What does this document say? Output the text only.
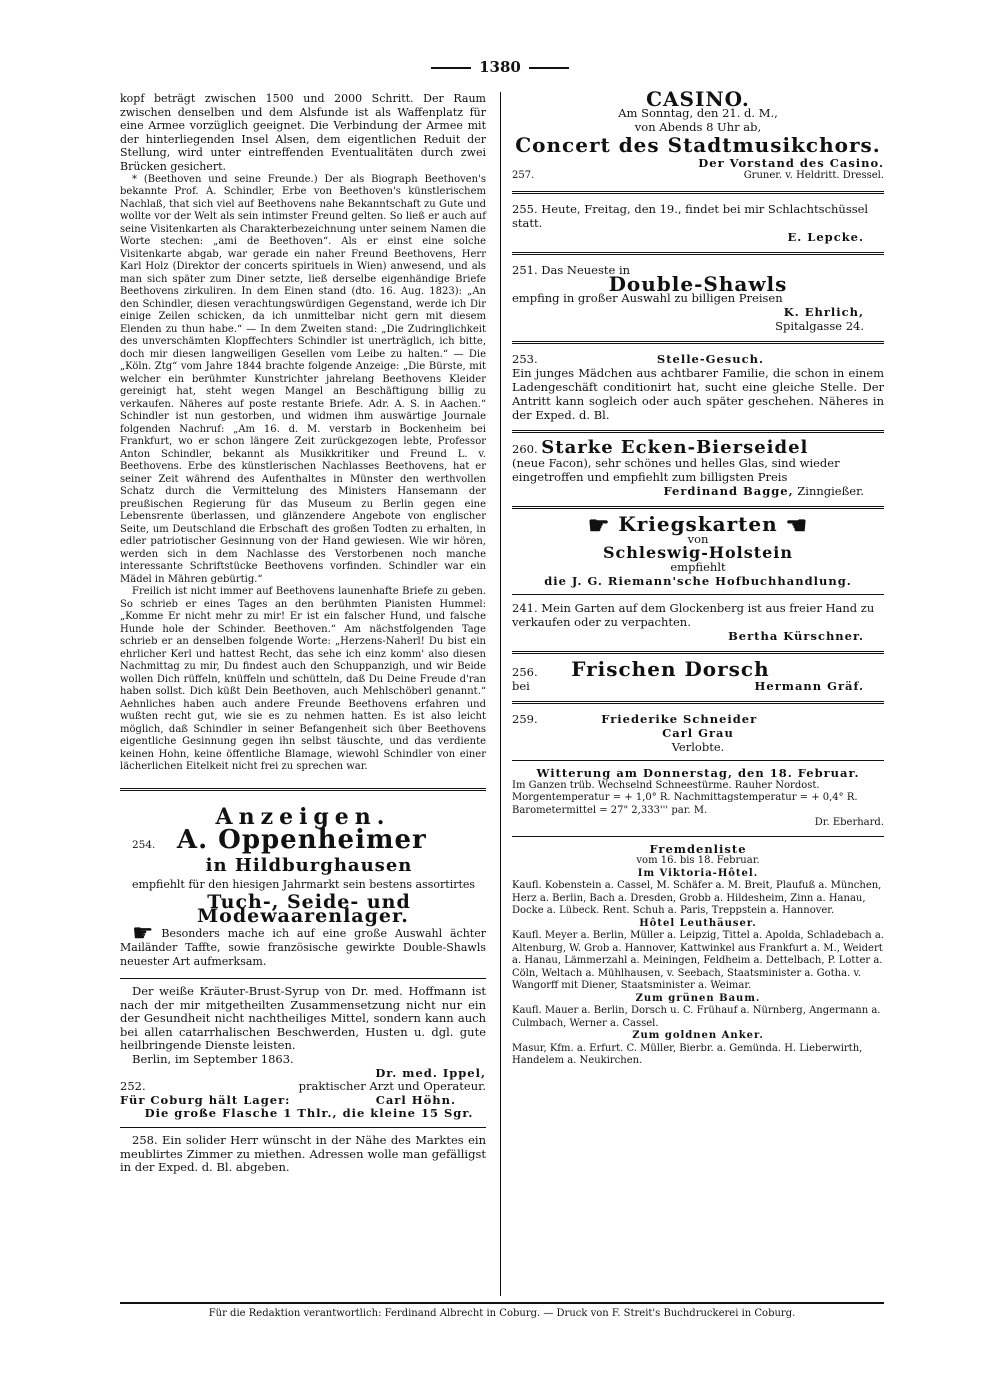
1380

kopf beträgt zwischen 1500 und 2000 Schritt. Der Raum zwischen denselben und dem Alsfunde ist als Waffenplatz für eine Armee vorzüglich geeignet. Die Verbindung der Armee mit der hinterliegenden Insel Alsen, dem eigentlichen Reduit der Stellung, wird unter eintreffenden Eventualitäten durch zwei Brücken gesichert.

* (Beethoven und seine Freunde.) Der als Biograph Beethoven's bekannte Prof. A. Schindler, Erbe von Beethoven's künstlerischem Nachlaß, that sich viel auf Beethovens nahe Bekanntschaft zu Gute und wollte vor der Welt als sein intimster Freund gelten. So ließ er auch auf seine Visitenkarten als Charakterbezeichnung unter seinem Namen die Worte stechen: „ami de Beethoven“. Als er einst eine solche Visitenkarte abgab, war gerade ein naher Freund Beethovens, Herr Karl Holz (Direktor der concerts spirituels in Wien) anwesend, und als man sich später zum Diner setzte, ließ derselbe eigenhändige Briefe Beethovens zirkuliren. In dem Einen stand (dto. 16. Aug. 1823): „An den Schindler, diesen verachtungswürdigen Gegenstand, werde ich Dir einige Zeilen schicken, da ich unmittelbar nicht gern mit diesem Elenden zu thun habe.“ — In dem Zweiten stand: „Die Zudringlichkeit des unverschämten Klopffechters Schindler ist unerträglich, ich bitte, doch mir diesen langweiligen Gesellen vom Leibe zu halten.“ — Die „Köln. Ztg“ vom Jahre 1844 brachte folgende Anzeige: „Die Bürste, mit welcher ein berühmter Kunstrichter jahrelang Beethovens Kleider gereinigt hat, steht wegen Mangel an Beschäftigung billig zu verkaufen. Näheres auf poste restante Briefe. Adr. A. S. in Aachen.“ Schindler ist nun gestorben, und widmen ihm auswärtige Journale folgenden Nachruf: „Am 16. d. M. verstarb in Bockenheim bei Frankfurt, wo er schon längere Zeit zurückgezogen lebte, Professor Anton Schindler, bekannt als Musikkritiker und Freund L. v. Beethovens. Erbe des künstlerischen Nachlasses Beethovens, hat er seiner Zeit während des Aufenthaltes in Münster den werthvollen Schatz durch die Vermittelung des Ministers Hansemann der preußischen Regierung für das Museum zu Berlin gegen eine Lebensrente überlassen, und glänzendere Angebote von englischer Seite, um Deutschland die Erbschaft des großen Todten zu erhalten, in edler patriotischer Gesinnung von der Hand gewiesen. Wie wir hören, werden sich in dem Nachlasse des Verstorbenen noch manche interessante Schriftstücke Beethovens vorfinden. Schindler war ein Mädel in Mähren gebürtig.“

Freilich ist nicht immer auf Beethovens launenhafte Briefe zu geben. So schrieb er eines Tages an den berühmten Pianisten Hummel: „Komme Er nicht mehr zu mir! Er ist ein falscher Hund, und falsche Hunde hole der Schinder. Beethoven.“ Am nächstfolgenden Tage schrieb er an denselben folgende Worte: „Herzens-Naherl! Du bist ein ehrlicher Kerl und hattest Recht, das sehe ich einz komm' also diesen Nachmittag zu mir, Du findest auch den Schuppanzigh, und wir Beide wollen Dich rüffeln, knüffeln und schütteln, daß Du Deine Freude d'ran haben sollst. Dich küßt Dein Beethoven, auch Mehlschöberl genannt.“ Aehnliches haben auch andere Freunde Beethovens erfahren und wußten recht gut, wie sie es zu nehmen hatten. Es ist also leicht möglich, daß Schindler in seiner Befangenheit sich über Beethovens eigentliche Gesinnung gegen ihn selbst täuschte, und das verdiente keinen Hohn, keine öffentliche Blamage, wiewohl Schindler von einer lächerlichen Eitelkeit nicht frei zu sprechen war.

Anzeigen.

254. A. Oppenheimer

in Hildburghausen

empfiehlt für den hiesigen Jahrmarkt sein bestens assortirtes

Tuch-, Seide- und Modewaarenlager.

☛ Besonders mache ich auf eine große Auswahl ächter Mailänder Taffte, sowie französische gewirkte Double-Shawls neuester Art aufmerksam.

Der weiße Kräuter-Brust-Syrup von Dr. med. Hoffmann ist nach der mir mitgetheilten Zusammensetzung nicht nur ein der Gesundheit nicht nachtheiliges Mittel, sondern kann auch bei allen catarrhalischen Beschwerden, Husten u. dgl. gute heilbringende Dienste leisten.

Berlin, im September 1863.

Dr. med. Ippel,

252.	praktischer Arzt und Operateur.
Für Coburg hält Lager:	Carl Höhn.

Die große Flasche 1 Thlr., die kleine 15 Sgr.

258. Ein solider Herr wünscht in der Nähe des Marktes ein meublirtes Zimmer zu miethen. Adressen wolle man gefälligst in der Exped. d. Bl. abgeben.

CASINO.

Am Sonntag, den 21. d. M.,

von Abends 8 Uhr ab,

Concert des Stadtmusikchors.

Der Vorstand des Casino.

257.	Gruner. v. Heldritt. Dressel.

255. Heute, Freitag, den 19., findet bei mir Schlachtschüssel statt.

E. Lepcke.

251. Das Neueste in

Double-Shawls

empfing in großer Auswahl zu billigen Preisen

K. Ehrlich,

Spitalgasse 24.

253.	Stelle-Gesuch.

Ein junges Mädchen aus achtbarer Familie, die schon in einem Ladengeschäft conditionirt hat, sucht eine gleiche Stelle. Der Antritt kann sogleich oder auch später geschehen. Näheres in der Exped. d. Bl.

260. Starke Ecken-Bierseidel

(neue Facon), sehr schönes und helles Glas, sind wieder eingetroffen und empfiehlt zum billigsten Preis

Ferdinand Bagge, Zinngießer.

☛ Kriegskarten ☚

von

Schleswig-Holstein

empfiehlt

die J. G. Riemann'sche Hofbuchhandlung.

241. Mein Garten auf dem Glockenberg ist aus freier Hand zu verkaufen oder zu verpachten.

Bertha Kürschner.

256. Frischen Dorsch

bei	Hermann Gräf.

259.	Friederike Schneider

Carl Grau

Verlobte.

Witterung am Donnerstag, den 18. Februar.

Im Ganzen trüb. Wechselnd Schneestürme. Rauher Nordost. Morgentemperatur = + 1,0° R. Nachmittagstemperatur = + 0,4° R. Barometermittel = 27" 2,333''' par. M.

Dr. Eberhard.

Fremdenliste

vom 16. bis 18. Februar.

Im Viktoria-Hôtel.

Kaufl. Kobenstein a. Cassel, M. Schäfer a. M. Breit, Plaufuß a. München, Herz a. Berlin, Bach a. Dresden, Grobb a. Hildesheim, Zinn a. Hanau, Docke a. Lübeck. Rent. Schuh a. Paris, Treppstein a. Hannover.

Hôtel Leuthäuser.

Kaufl. Meyer a. Berlin, Müller a. Leipzig, Tittel a. Apolda, Schladebach a. Altenburg, W. Grob a. Hannover, Kattwinkel aus Frankfurt a. M., Weidert a. Hanau, Lämmerzahl a. Meiningen, Feldheim a. Dettelbach, P. Lotter a. Cöln, Weltach a. Mühlhausen, v. Seebach, Staatsminister a. Gotha. v. Wangorff mit Diener, Staatsminister a. Weimar.

Zum grünen Baum.

Kaufl. Mauer a. Berlin, Dorsch u. C. Frühauf a. Nürnberg, Angermann a. Culmbach, Werner a. Cassel.

Zum goldnen Anker.

Masur, Kfm. a. Erfurt. C. Müller, Bierbr. a. Gemünda. H. Lieberwirth, Handelem a. Neukirchen.

Für die Redaktion verantwortlich: Ferdinand Albrecht in Coburg. — Druck von F. Streit's Buchdruckerei in Coburg.
